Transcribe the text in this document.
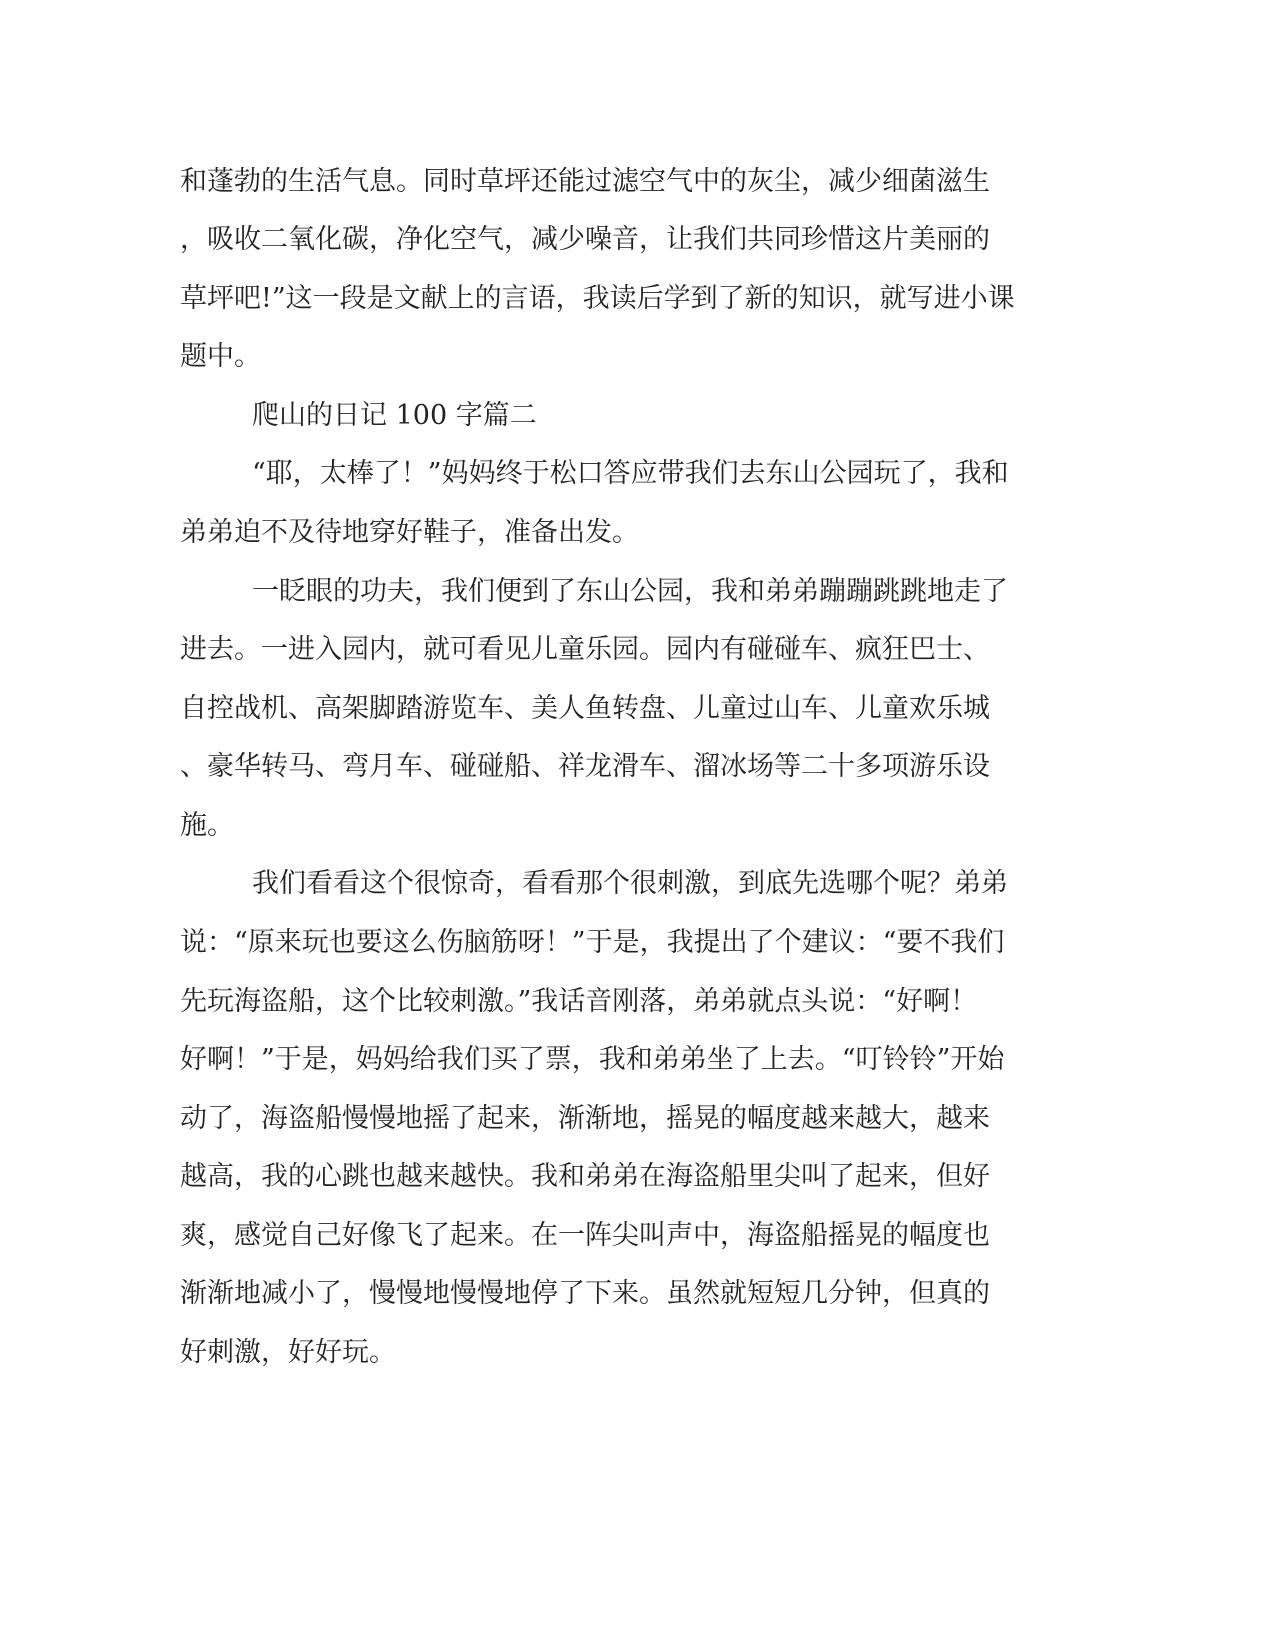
和蓬勃的生活气息。同时草坪还能过滤空气中的灰尘，减少细菌滋生

，吸收二氧化碳，净化空气，减少噪音，让我们共同珍惜这片美丽的

草坪吧!”这一段是文献上的言语，我读后学到了新的知识，就写进小课

题中。

爬山的日记 100 字篇二

“耶，太棒了！”妈妈终于松口答应带我们去东山公园玩了，我和

弟弟迫不及待地穿好鞋子，准备出发。

一眨眼的功夫，我们便到了东山公园，我和弟弟蹦蹦跳跳地走了

进去。一进入园内，就可看见儿童乐园。园内有碰碰车、疯狂巴士、

自控战机、高架脚踏游览车、美人鱼转盘、儿童过山车、儿童欢乐城

、豪华转马、弯月车、碰碰船、祥龙滑车、溜冰场等二十多项游乐设

施。

我们看看这个很惊奇，看看那个很刺激，到底先选哪个呢？弟弟

说：“原来玩也要这么伤脑筋呀！”于是，我提出了个建议：“要不我们

先玩海盗船，这个比较刺激。”我话音刚落，弟弟就点头说：“好啊！

好啊！”于是，妈妈给我们买了票，我和弟弟坐了上去。“叮铃铃”开始

动了，海盗船慢慢地摇了起来，渐渐地，摇晃的幅度越来越大，越来

越高，我的心跳也越来越快。我和弟弟在海盗船里尖叫了起来，但好

爽，感觉自己好像飞了起来。在一阵尖叫声中，海盗船摇晃的幅度也

渐渐地减小了，慢慢地慢慢地停了下来。虽然就短短几分钟，但真的

好刺激，好好玩。
